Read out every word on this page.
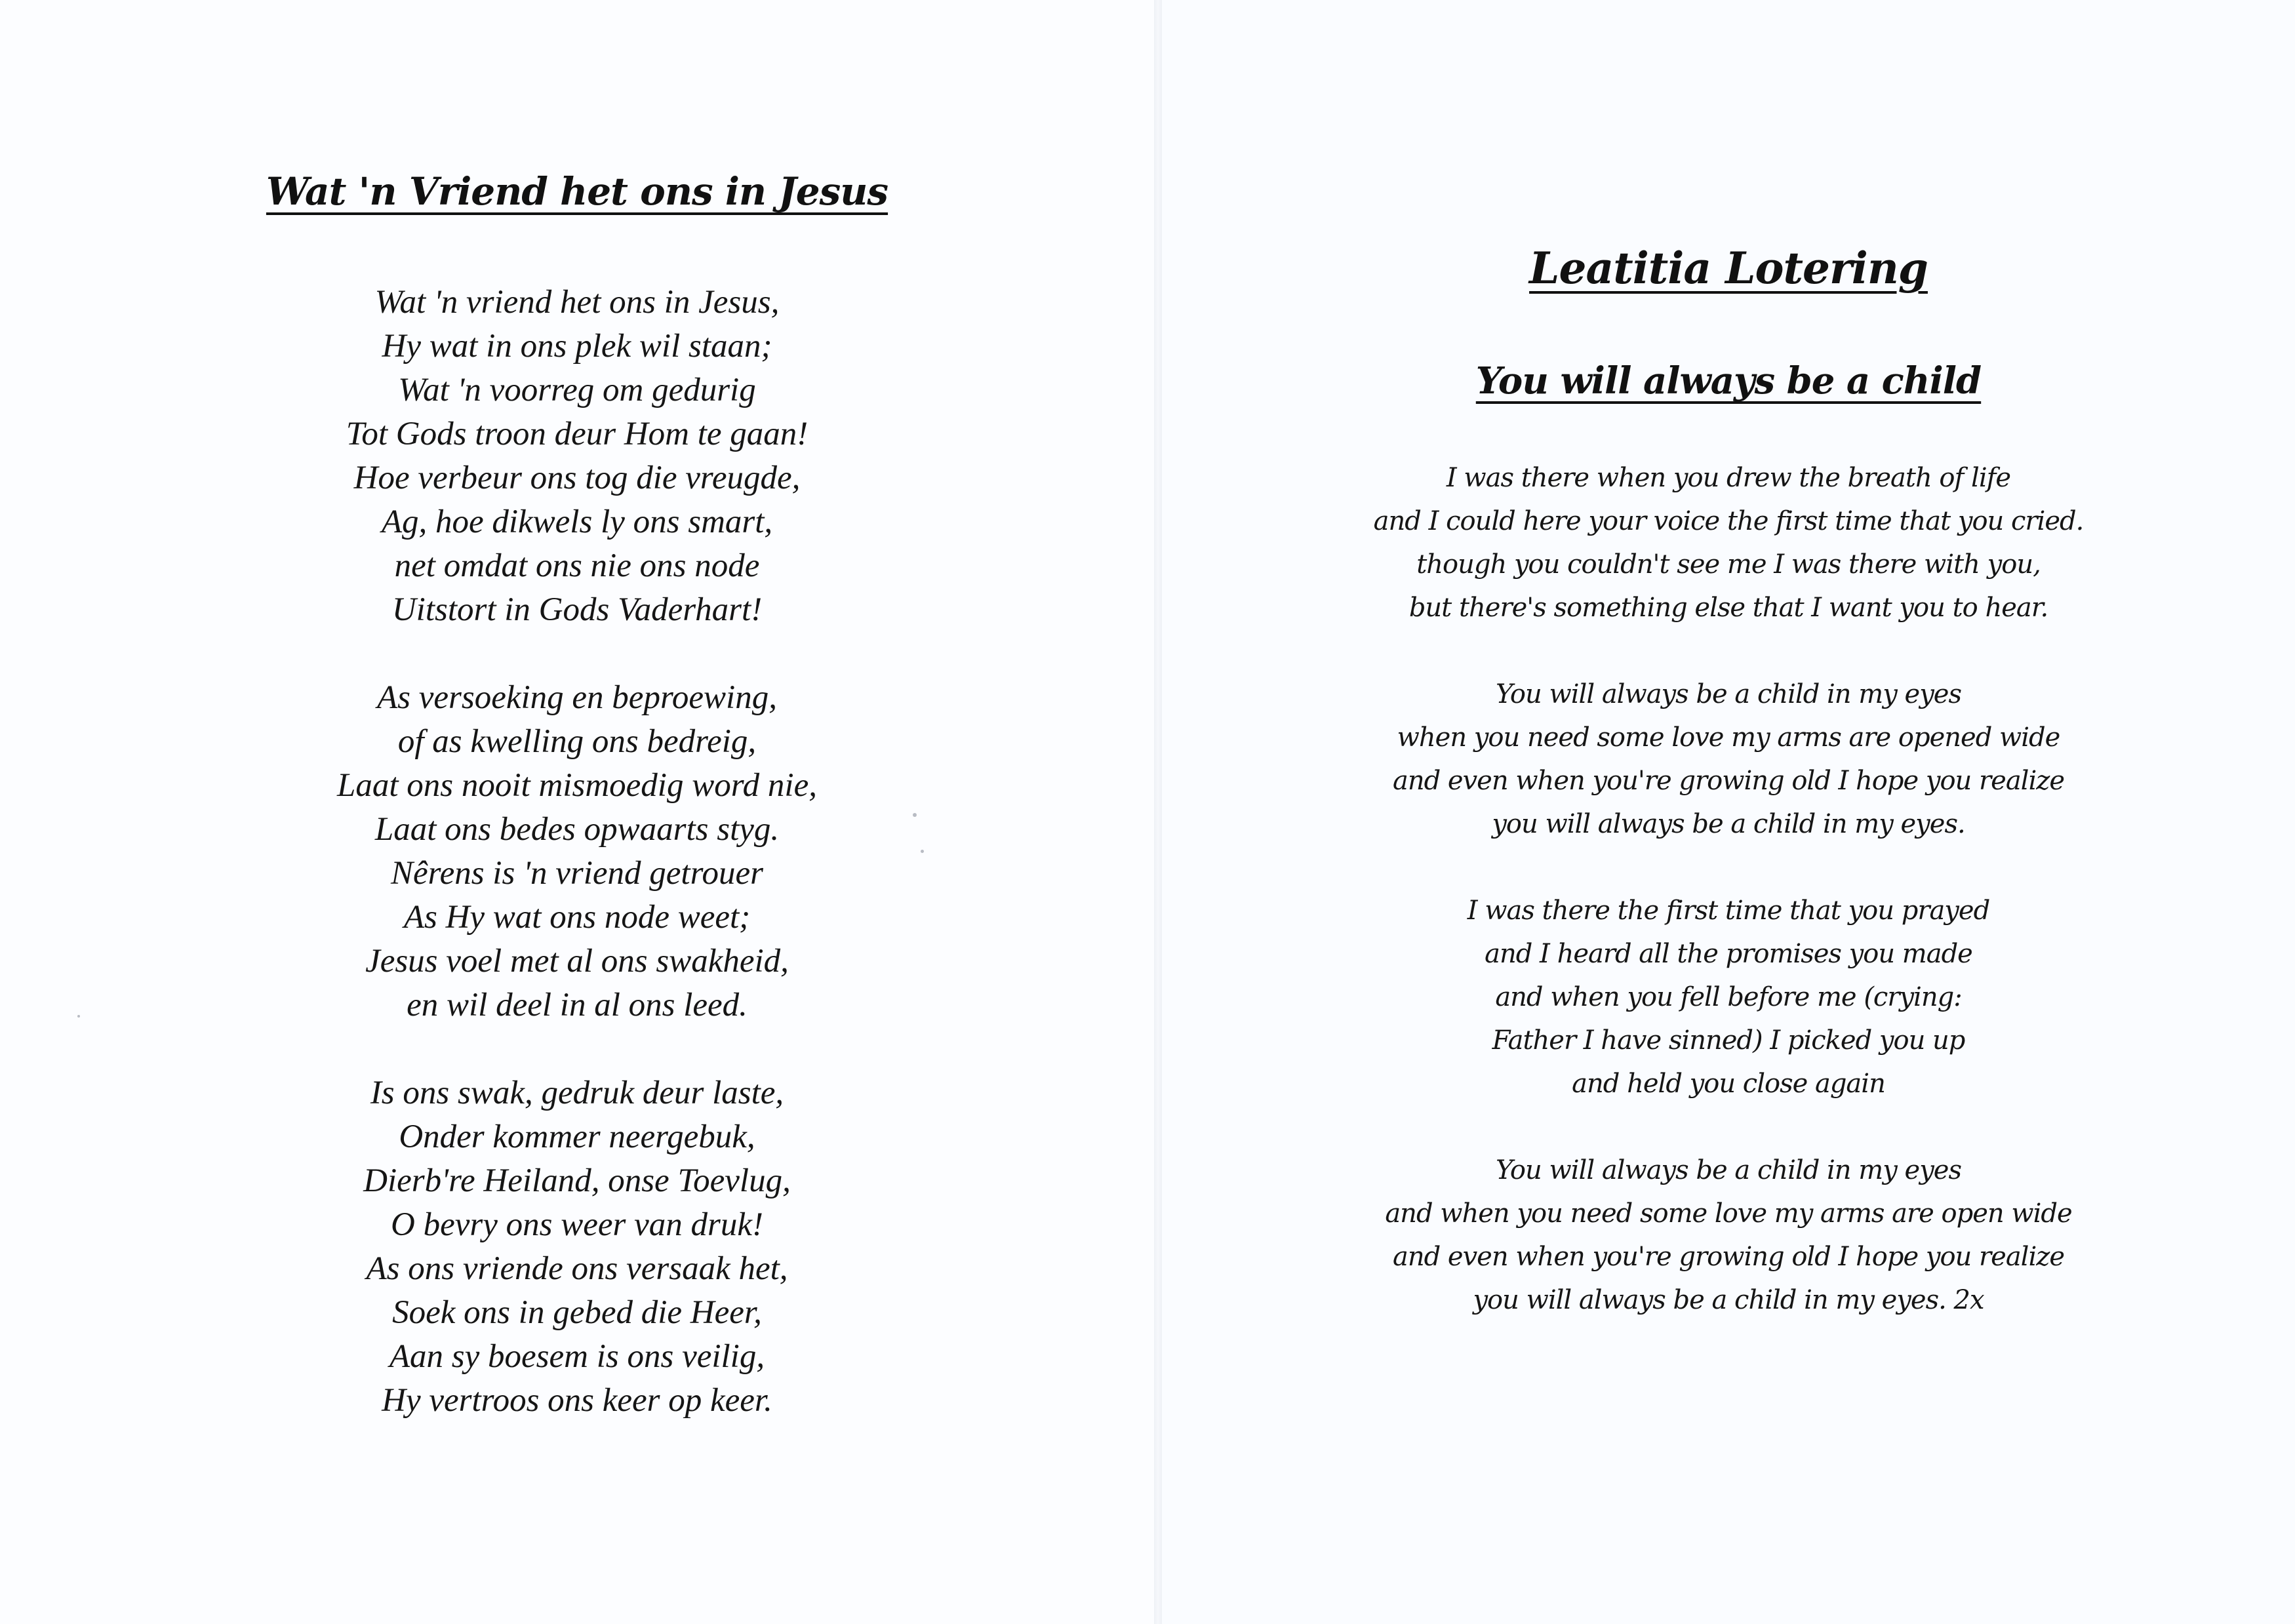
Wat 'n Vriend het ons in Jesus

Wat 'n vriend het ons in Jesus,
Hy wat in ons plek wil staan;
Wat 'n voorreg om gedurig
Tot Gods troon deur Hom te gaan!
Hoe verbeur ons tog die vreugde,
Ag, hoe dikwels ly ons smart,
net omdat ons nie ons node
Uitstort in Gods Vaderhart!

As versoeking en beproewing,
of as kwelling ons bedreig,
Laat ons nooit mismoedig word nie,
Laat ons bedes opwaarts styg.
Nêrens is 'n vriend getrouer
As Hy wat ons node weet;
Jesus voel met al ons swakheid,
en wil deel in al ons leed.

Is ons swak, gedruk deur laste,
Onder kommer neergebuk,
Dierb're Heiland, onse Toevlug,
O bevry ons weer van druk!
As ons vriende ons versaak het,
Soek ons in gebed die Heer,
Aan sy boesem is ons veilig,
Hy vertroos ons keer op keer.

Leatitia Lotering
You will always be a child

I was there when you drew the breath of life
and I could here your voice the first time that you cried.
though you couldn't see me I was there with you,
but there's something else that I want you to hear.

You will always be a child in my eyes
when you need some love my arms are opened wide
and even when you're growing old I hope you realize
you will always be a child in my eyes.

I was there the first time that you prayed
and I heard all the promises you made
and when you fell before me (crying:
Father I have sinned) I picked you up
and held you close again

You will always be a child in my eyes
and when you need some love my arms are open wide
and even when you're growing old I hope you realize
you will always be a child in my eyes. 2x
